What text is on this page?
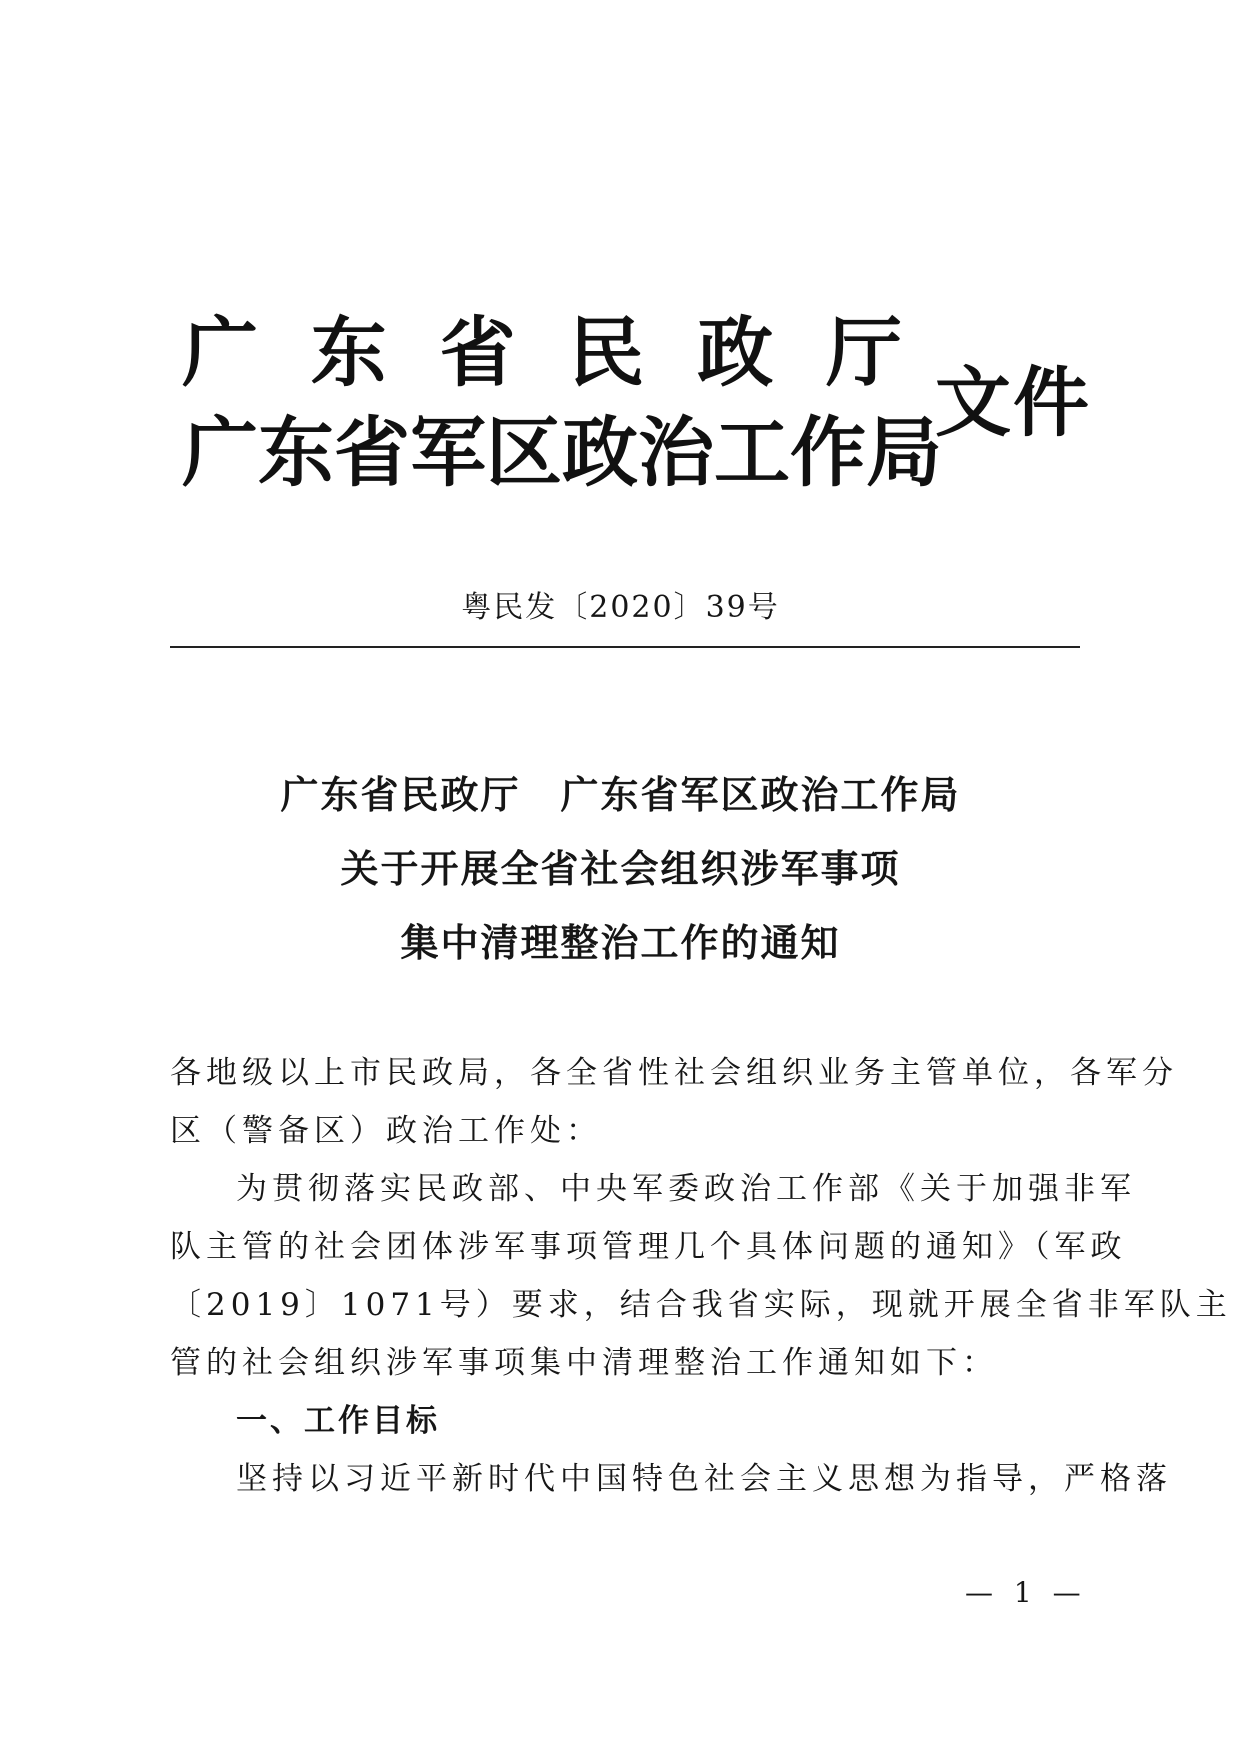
广 东 省 民 政 厅
广 东 省 军 区 政 治 工 作 局
文件
粤民发〔2020〕39号
广东省民政厅　广东省军区政治工作局
关于开展全省社会组织涉军事项
集中清理整治工作的通知
各地级以上市民政局，各全省性社会组织业务主管单位，各军分
区（警备区）政治工作处：
为贯彻落实民政部、中央军委政治工作部《关于加强非军
队主管的社会团体涉军事项管理几个具体问题的通知》（军政
〔2019〕1071号）要求，结合我省实际，现就开展全省非军队主
管的社会组织涉军事项集中清理整治工作通知如下：
一、工作目标
坚持以习近平新时代中国特色社会主义思想为指导，严格落
— 1 —
